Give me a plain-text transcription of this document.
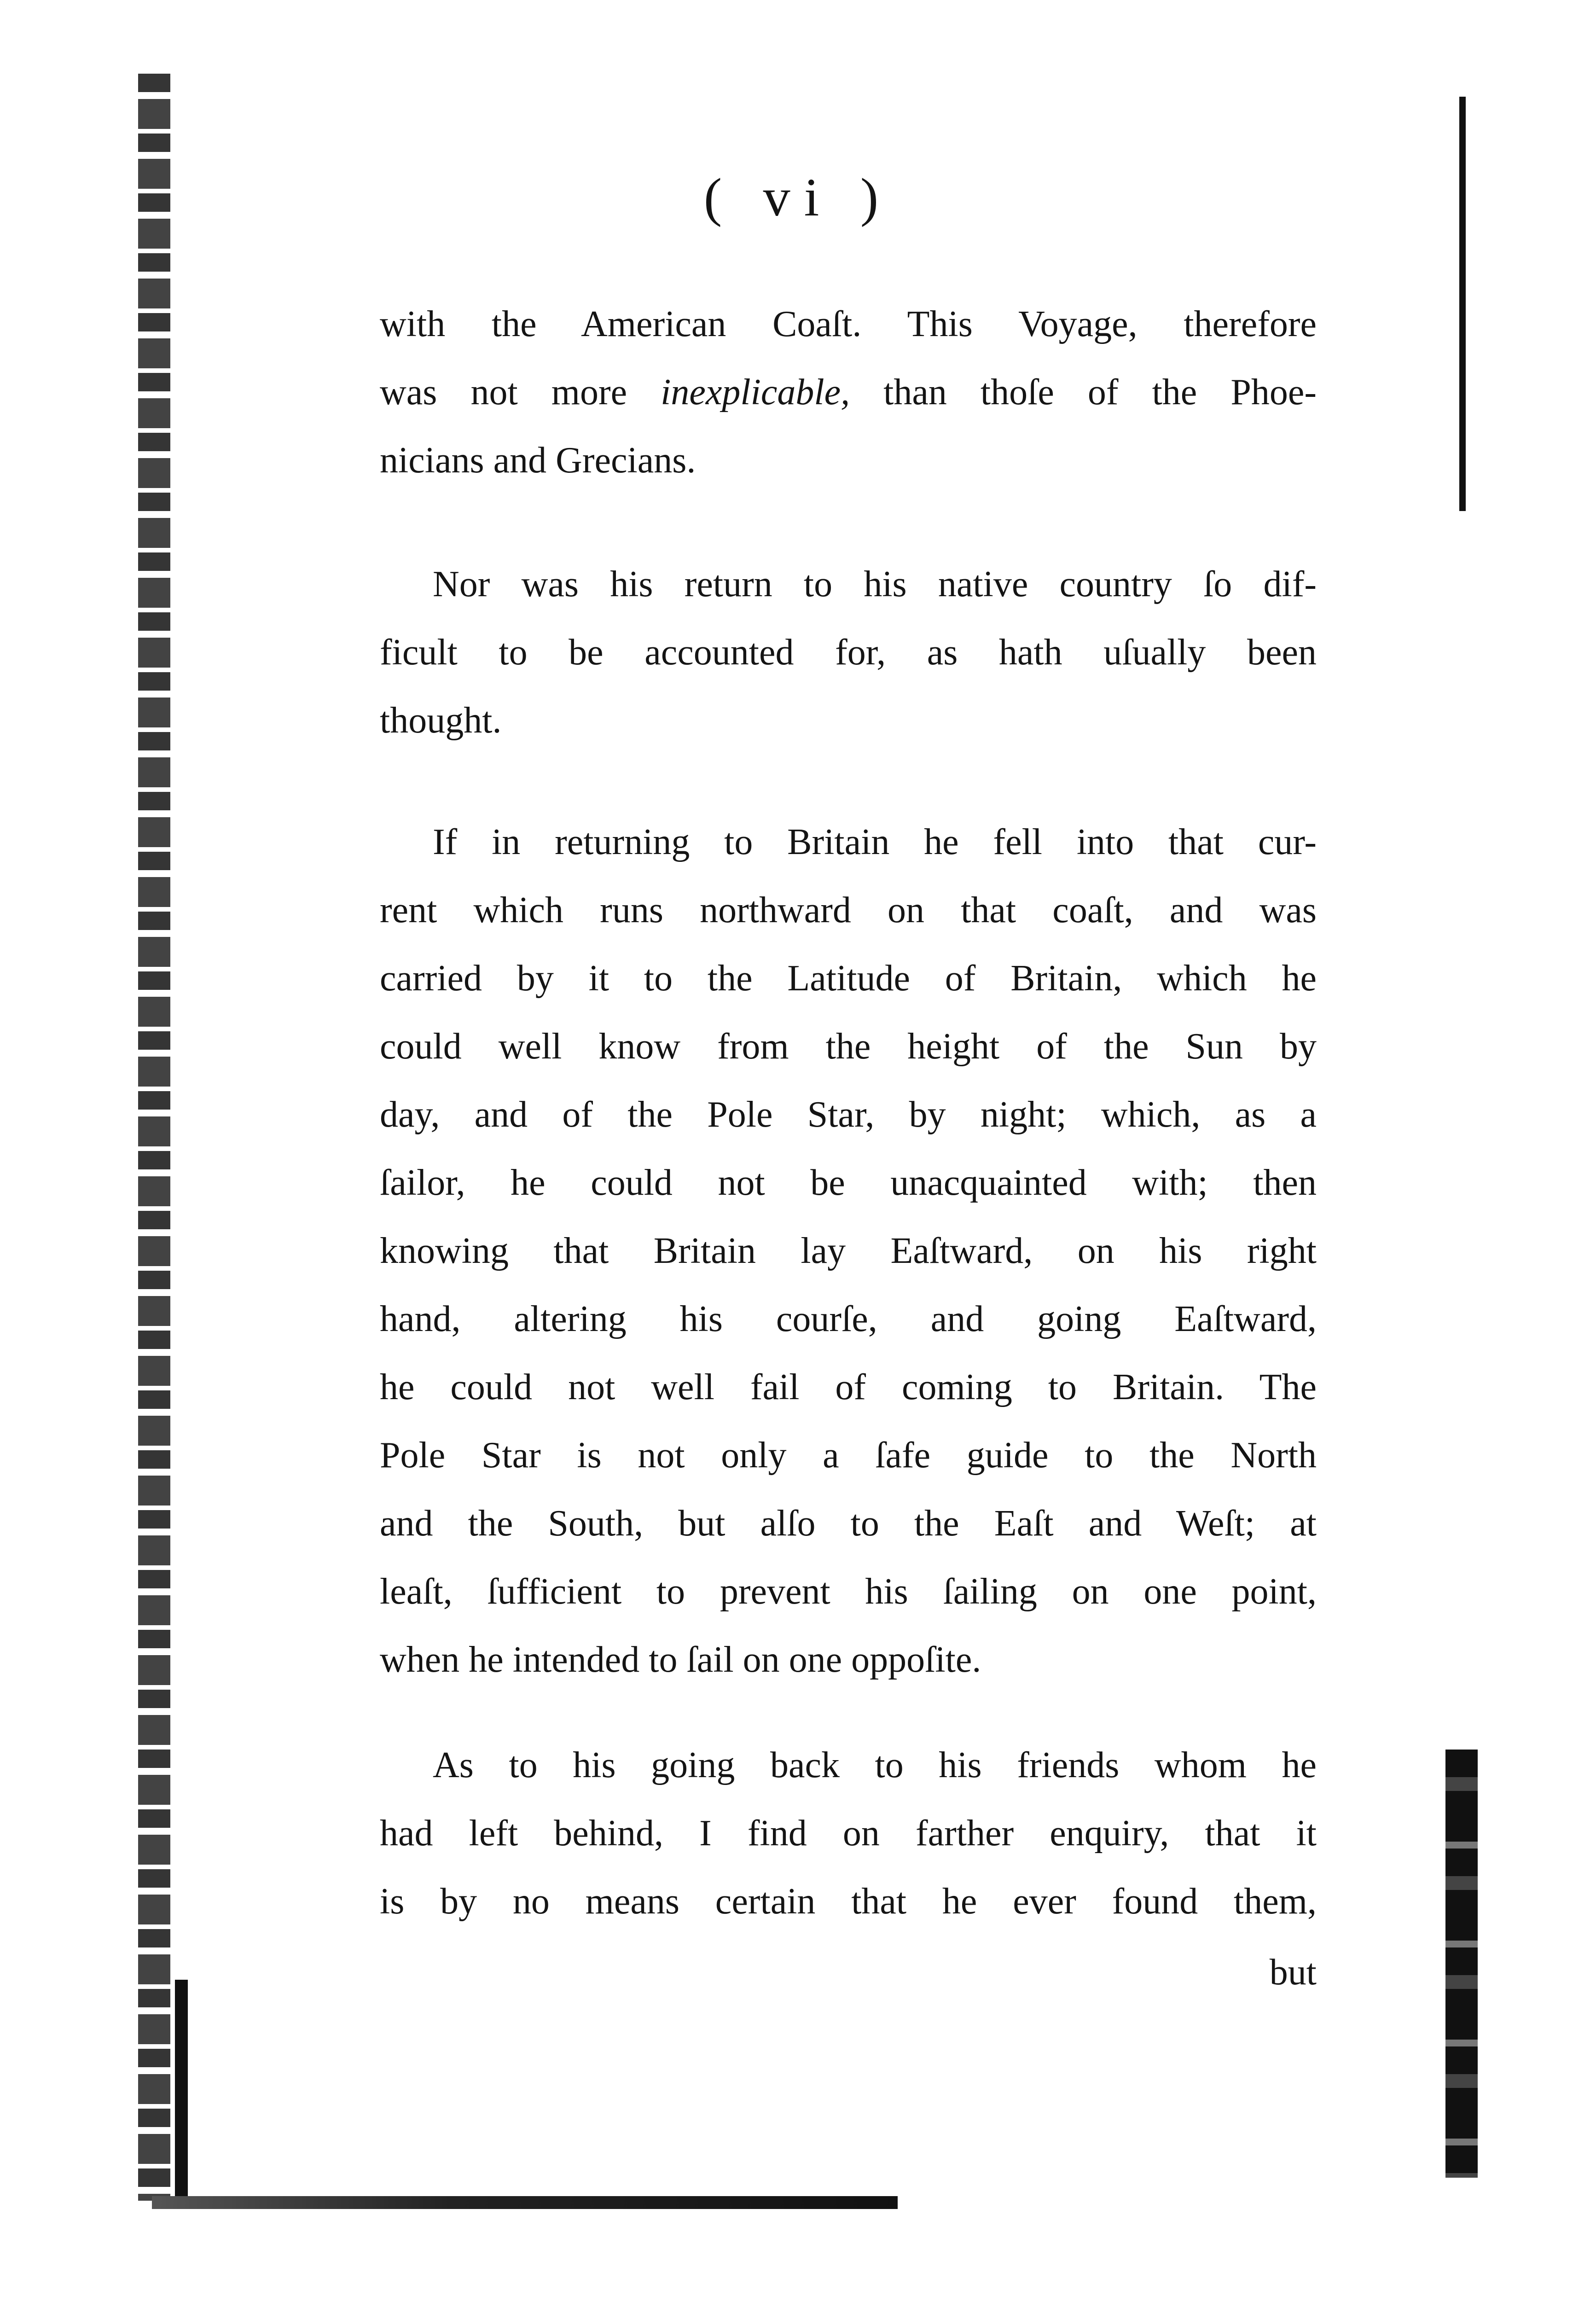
( vi )

with the American Coaſt. This Voyage, therefore
was not more inexplicable, than thoſe of the Phoe-
nicians and Grecians.

Nor was his return to his native country ſo dif-
ficult to be accounted for, as hath uſually been
thought.

If in returning to Britain he fell into that cur-
rent which runs northward on that coaſt, and was
carried by it to the Latitude of Britain, which he
could well know from the height of the Sun by
day, and of the Pole Star, by night; which, as a
ſailor, he could not be unacquainted with; then
knowing that Britain lay Eaſtward, on his right
hand, altering his courſe, and going Eaſtward,
he could not well fail of coming to Britain. The
Pole Star is not only a ſafe guide to the North
and the South, but alſo to the Eaſt and Weſt; at
leaſt, ſufficient to prevent his ſailing on one point,
when he intended to ſail on one oppoſite.

As to his going back to his friends whom he
had left behind, I find on farther enquiry, that it
is by no means certain that he ever found them,

but
